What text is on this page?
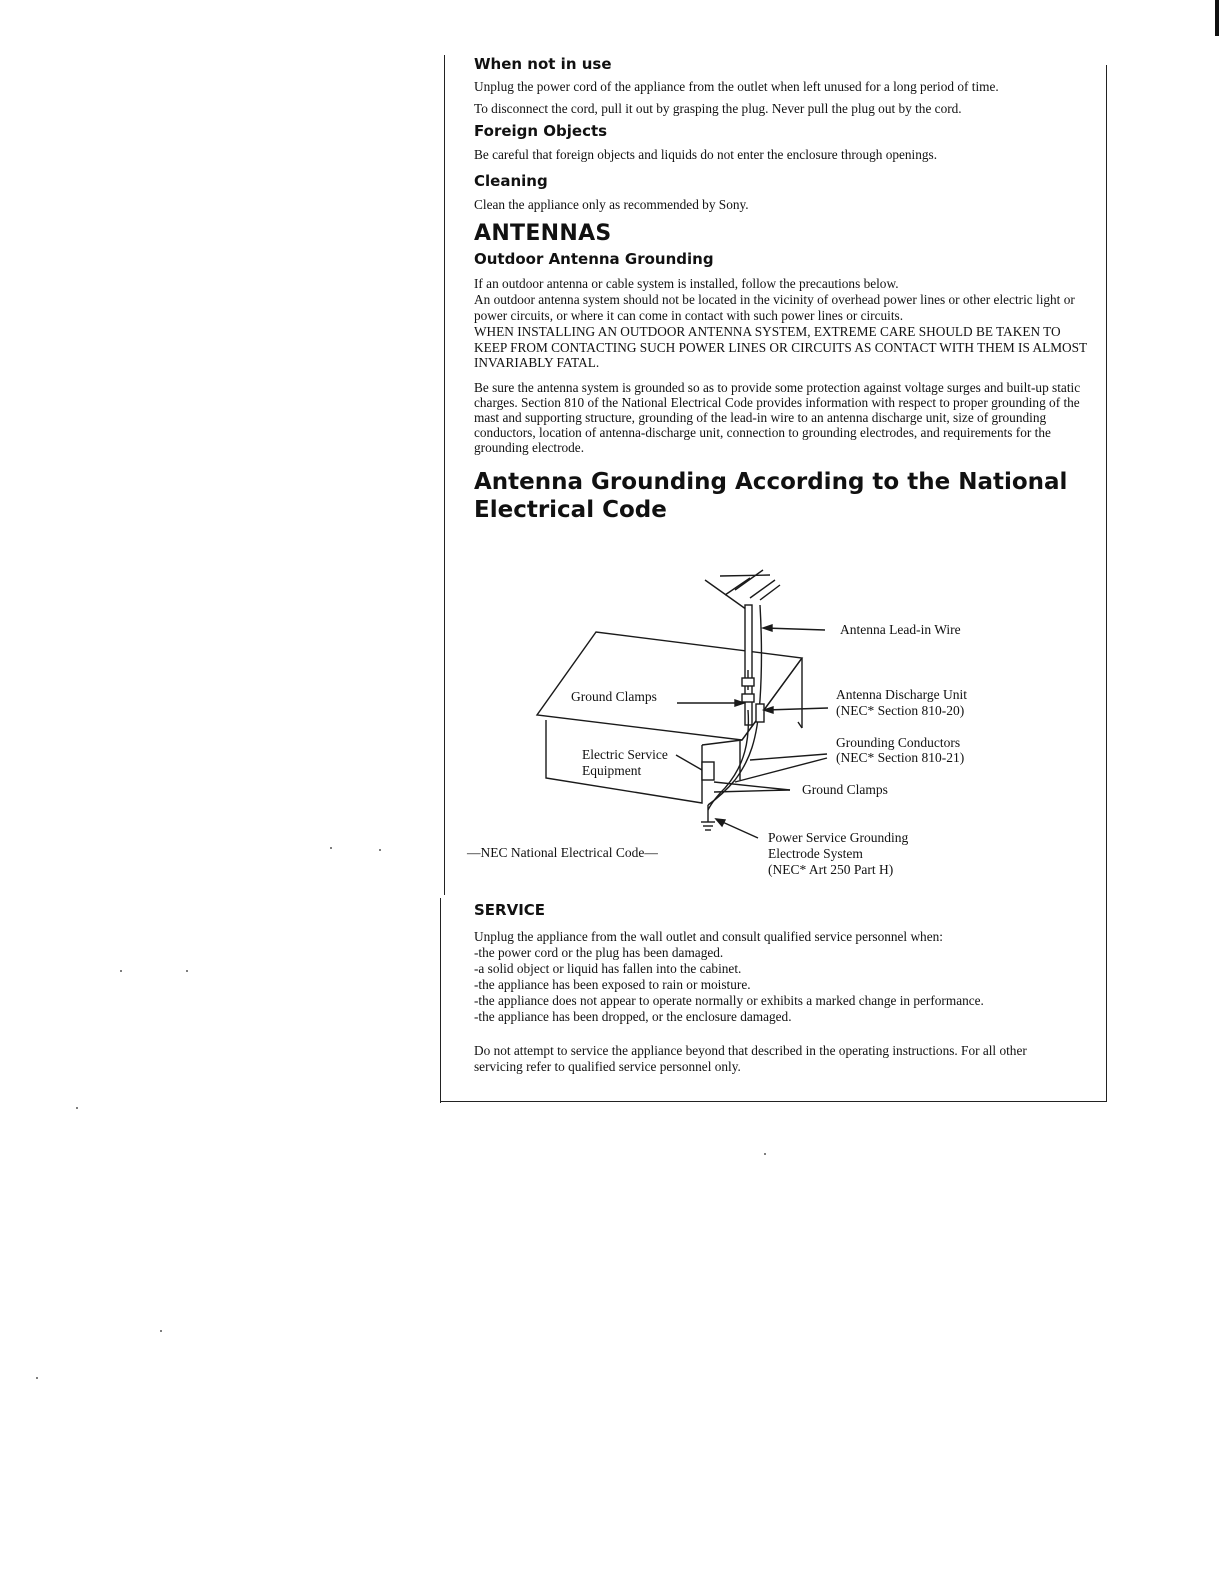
When not in use

Unplug the power cord of the appliance from the outlet when left unused for a long period of time.

To disconnect the cord, pull it out by grasping the plug. Never pull the plug out by the cord.

Foreign Objects

Be careful that foreign objects and liquids do not enter the enclosure through openings.

Cleaning

Clean the appliance only as recommended by Sony.

ANTENNAS
Outdoor Antenna Grounding

If an outdoor antenna or cable system is installed, follow the precautions below.

An outdoor antenna system should not be located in the vicinity of overhead power lines or other electric light or power circuits, or where it can come in contact with such power lines or circuits.

WHEN INSTALLING AN OUTDOOR ANTENNA SYSTEM, EXTREME CARE SHOULD BE TAKEN TO KEEP FROM CONTACTING SUCH POWER LINES OR CIRCUITS AS CONTACT WITH THEM IS ALMOST INVARIABLY FATAL.

Be sure the antenna system is grounded so as to provide some protection against voltage surges and built-up static charges. Section 810 of the National Electrical Code provides information with respect to proper grounding of the mast and supporting structure, grounding of the lead-in wire to an antenna discharge unit, size of grounding conductors, location of antenna-discharge unit, connection to grounding electrodes, and requirements for the grounding electrode.

Antenna Grounding According to the National Electrical Code
Antenna Lead-in Wire
Ground Clamps	Antenna Discharge Unit
(NEC* Section 810-20)
Electric Service
Equipment
Grounding Conductors
(NEC* Section 810-21)
Ground Clamps
—NEC National Electrical Code—
Power Service Grounding
Electrode System
(NEC* Art 250 Part H)
SERVICE

Unplug the appliance from the wall outlet and consult qualified service personnel when:

-the power cord or the plug has been damaged.

-a solid object or liquid has fallen into the cabinet.

-the appliance has been exposed to rain or moisture.

-the appliance does not appear to operate normally or exhibits a marked change in performance.

-the appliance has been dropped, or the enclosure damaged.

Do not attempt to service the appliance beyond that described in the operating instructions. For all other servicing refer to qualified service personnel only.
